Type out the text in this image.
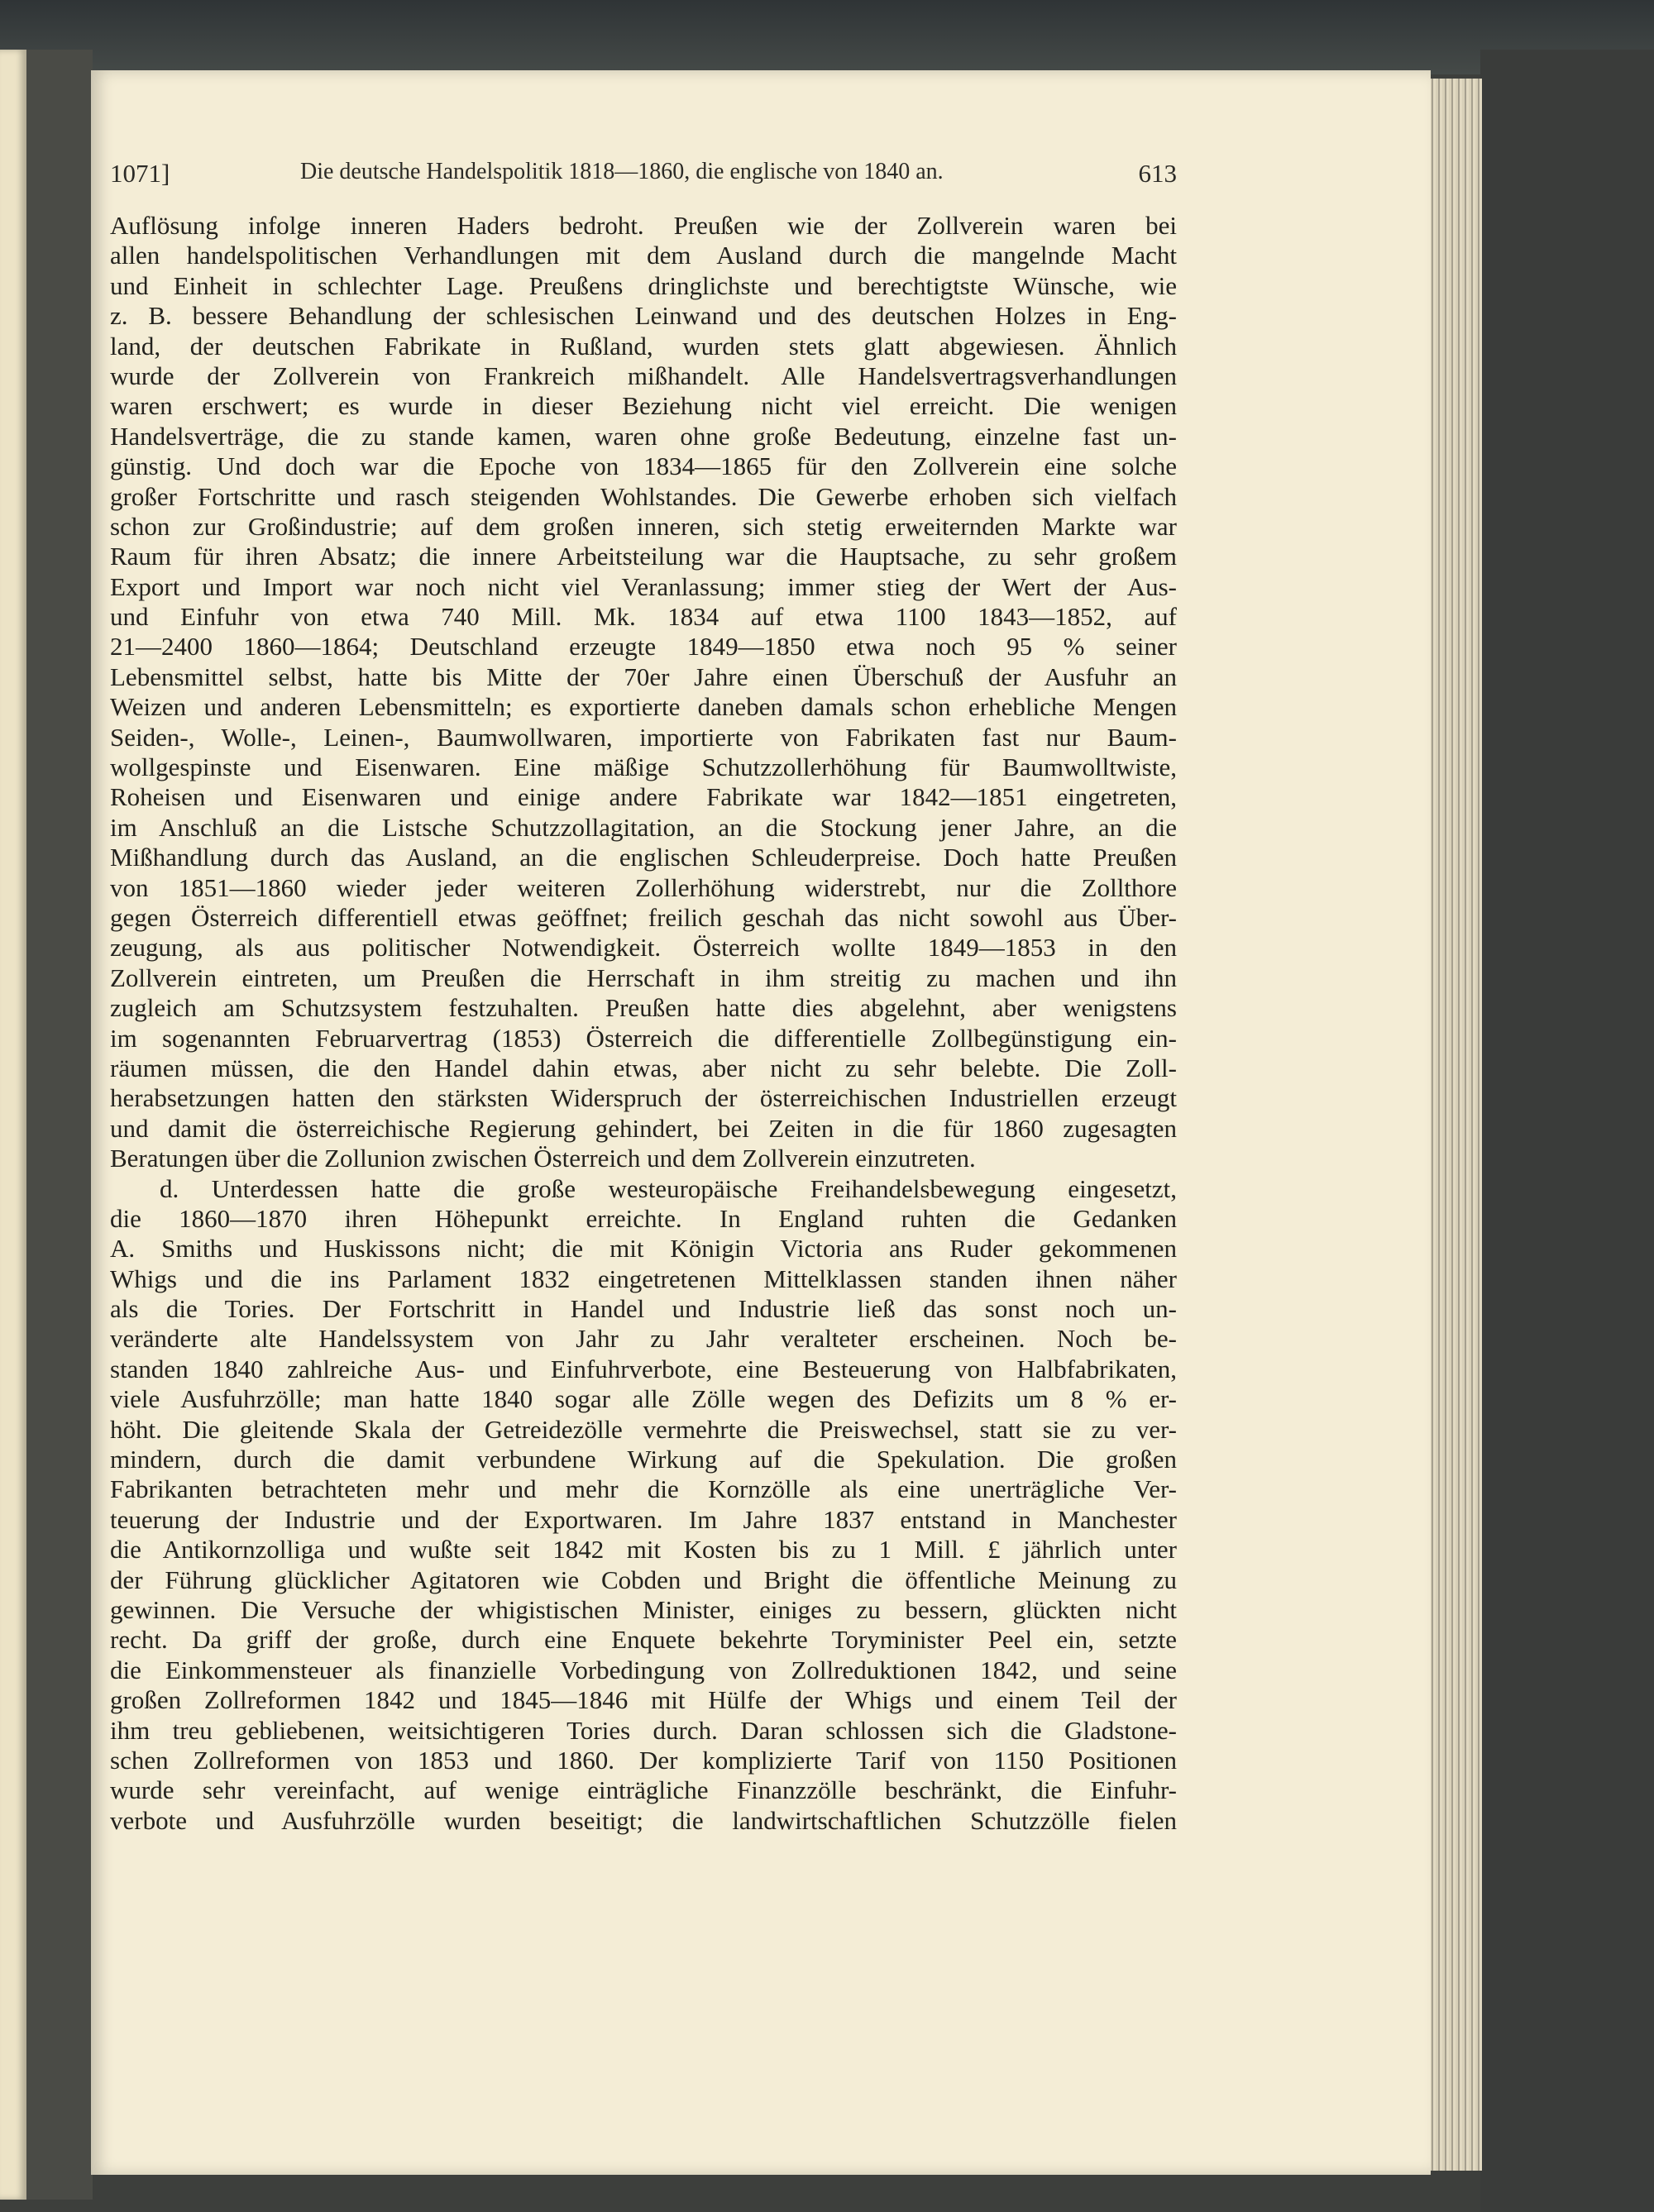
1071]	Die deutsche Handelspolitik 1818—1860, die englische von 1840 an.	613
Auflösung infolge inneren Haders bedroht. Preußen wie der Zollverein waren bei
allen handelspolitischen Verhandlungen mit dem Ausland durch die mangelnde Macht
und Einheit in schlechter Lage. Preußens dringlichste und berechtigtste Wünsche, wie
z. B. bessere Behandlung der schlesischen Leinwand und des deutschen Holzes in Eng-
land, der deutschen Fabrikate in Rußland, wurden stets glatt abgewiesen. Ähnlich
wurde der Zollverein von Frankreich mißhandelt. Alle Handelsvertragsverhandlungen
waren erschwert; es wurde in dieser Beziehung nicht viel erreicht. Die wenigen
Handelsverträge, die zu stande kamen, waren ohne große Bedeutung, einzelne fast un-
günstig. Und doch war die Epoche von 1834—1865 für den Zollverein eine solche
großer Fortschritte und rasch steigenden Wohlstandes. Die Gewerbe erhoben sich vielfach
schon zur Großindustrie; auf dem großen inneren, sich stetig erweiternden Markte war
Raum für ihren Absatz; die innere Arbeitsteilung war die Hauptsache, zu sehr großem
Export und Import war noch nicht viel Veranlassung; immer stieg der Wert der Aus-
und Einfuhr von etwa 740 Mill. Mk. 1834 auf etwa 1100 1843—1852, auf
21—2400 1860—1864; Deutschland erzeugte 1849—1850 etwa noch 95 % seiner
Lebensmittel selbst, hatte bis Mitte der 70er Jahre einen Überschuß der Ausfuhr an
Weizen und anderen Lebensmitteln; es exportierte daneben damals schon erhebliche Mengen
Seiden-, Wolle-, Leinen-, Baumwollwaren, importierte von Fabrikaten fast nur Baum-
wollgespinste und Eisenwaren. Eine mäßige Schutzzollerhöhung für Baumwolltwiste,
Roheisen und Eisenwaren und einige andere Fabrikate war 1842—1851 eingetreten,
im Anschluß an die Listsche Schutzzollagitation, an die Stockung jener Jahre, an die
Mißhandlung durch das Ausland, an die englischen Schleuderpreise. Doch hatte Preußen
von 1851—1860 wieder jeder weiteren Zollerhöhung widerstrebt, nur die Zollthore
gegen Österreich differentiell etwas geöffnet; freilich geschah das nicht sowohl aus Über-
zeugung, als aus politischer Notwendigkeit. Österreich wollte 1849—1853 in den
Zollverein eintreten, um Preußen die Herrschaft in ihm streitig zu machen und ihn
zugleich am Schutzsystem festzuhalten. Preußen hatte dies abgelehnt, aber wenigstens
im sogenannten Februarvertrag (1853) Österreich die differentielle Zollbegünstigung ein-
räumen müssen, die den Handel dahin etwas, aber nicht zu sehr belebte. Die Zoll-
herabsetzungen hatten den stärksten Widerspruch der österreichischen Industriellen erzeugt
und damit die österreichische Regierung gehindert, bei Zeiten in die für 1860 zugesagten
Beratungen über die Zollunion zwischen Österreich und dem Zollverein einzutreten.
d. Unterdessen hatte die große westeuropäische Freihandelsbewegung eingesetzt,
die 1860—1870 ihren Höhepunkt erreichte. In England ruhten die Gedanken
A. Smiths und Huskissons nicht; die mit Königin Victoria ans Ruder gekommenen
Whigs und die ins Parlament 1832 eingetretenen Mittelklassen standen ihnen näher
als die Tories. Der Fortschritt in Handel und Industrie ließ das sonst noch un-
veränderte alte Handelssystem von Jahr zu Jahr veralteter erscheinen. Noch be-
standen 1840 zahlreiche Aus- und Einfuhrverbote, eine Besteuerung von Halbfabrikaten,
viele Ausfuhrzölle; man hatte 1840 sogar alle Zölle wegen des Defizits um 8 % er-
höht. Die gleitende Skala der Getreidezölle vermehrte die Preiswechsel, statt sie zu ver-
mindern, durch die damit verbundene Wirkung auf die Spekulation. Die großen
Fabrikanten betrachteten mehr und mehr die Kornzölle als eine unerträgliche Ver-
teuerung der Industrie und der Exportwaren. Im Jahre 1837 entstand in Manchester
die Antikornzolliga und wußte seit 1842 mit Kosten bis zu 1 Mill. £ jährlich unter
der Führung glücklicher Agitatoren wie Cobden und Bright die öffentliche Meinung zu
gewinnen. Die Versuche der whigistischen Minister, einiges zu bessern, glückten nicht
recht. Da griff der große, durch eine Enquete bekehrte Toryminister Peel ein, setzte
die Einkommensteuer als finanzielle Vorbedingung von Zollreduktionen 1842, und seine
großen Zollreformen 1842 und 1845—1846 mit Hülfe der Whigs und einem Teil der
ihm treu gebliebenen, weitsichtigeren Tories durch. Daran schlossen sich die Gladstone-
schen Zollreformen von 1853 und 1860. Der komplizierte Tarif von 1150 Positionen
wurde sehr vereinfacht, auf wenige einträgliche Finanzzölle beschränkt, die Einfuhr-
verbote und Ausfuhrzölle wurden beseitigt; die landwirtschaftlichen Schutzzölle fielen
